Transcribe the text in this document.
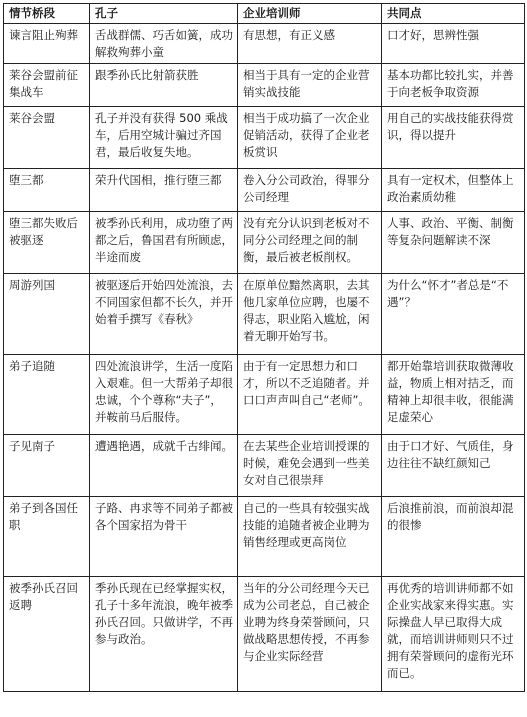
情节桥段	孔子	企业培训师	共同点
谏言阻止殉葬	舌战群儒、巧舌如簧，成功解救殉葬小童	有思想，有正义感	口才好，思辨性强
莱谷会盟前征集战车	跟季孙氏比射箭获胜	相当于具有一定的企业营销实战技能	基本功都比较扎实，并善于向老板争取资源
莱谷会盟	孔子并没有获得 500 乘战车，后用空城计骗过齐国君，最后收复失地。	相当于成功搞了一次企业促销活动，获得了企业老板赏识	用自己的实战技能获得赏识，得以提升
堕三都	荣升代国相，推行堕三都	卷入分公司政治，得罪分公司经理	具有一定权术，但整体上政治素质幼稚
堕三都失败后被驱逐	被季孙氏利用，成功堕了两都之后，鲁国君有所顾虑，半途而废	没有充分认识到老板对不同分公司经理之间的制衡，最后被老板削权。	人事、政治、平衡、制衡等复杂问题解读不深
周游列国	被驱逐后开始四处流浪，去不同国家但都不长久，并开始着手撰写《春秋》	在原单位黯然离职，去其他几家单位应聘，也屡不得志，职业陷入尴尬，闲着无聊开始写书。	为什么“怀才”者总是“不遇”？
弟子追随	四处流浪讲学，生活一度陷入艰难。但一大帮弟子却很忠诚，个个尊称“夫子”，并鞍前马后服侍。	由于有一定思想力和口才，所以不乏追随者。并口口声声叫自己“老师”。	都开始靠培训获取微薄收益，物质上相对拮乏，而精神上却很丰收，很能满足虚荣心
子见南子	遭遇艳遇，成就千古绯闻。	在去某些企业培训授课的时候，难免会遇到一些美女对自己很崇拜	由于口才好、气质佳，身边往往不缺红颜知己
弟子到各国任职	子路、冉求等不同弟子都被各个国家招为骨干	自己的一些具有较强实战技能的追随者被企业聘为销售经理或更高岗位	后浪推前浪，而前浪却混的很惨
被季孙氏召回返聘	季孙氏现在已经掌握实权，孔子十多年流浪，晚年被季孙氏召回。只做讲学，不再参与政治。	当年的分公司经理今天已成为公司老总，自己被企业聘为终身荣誉顾问，只做战略思想传授，不再参与企业实际经营	再优秀的培训讲师都不如企业实战家来得实惠。实际操盘人早已取得大成就，而培训讲师则只不过拥有荣誉顾问的虚衔光环而已。
